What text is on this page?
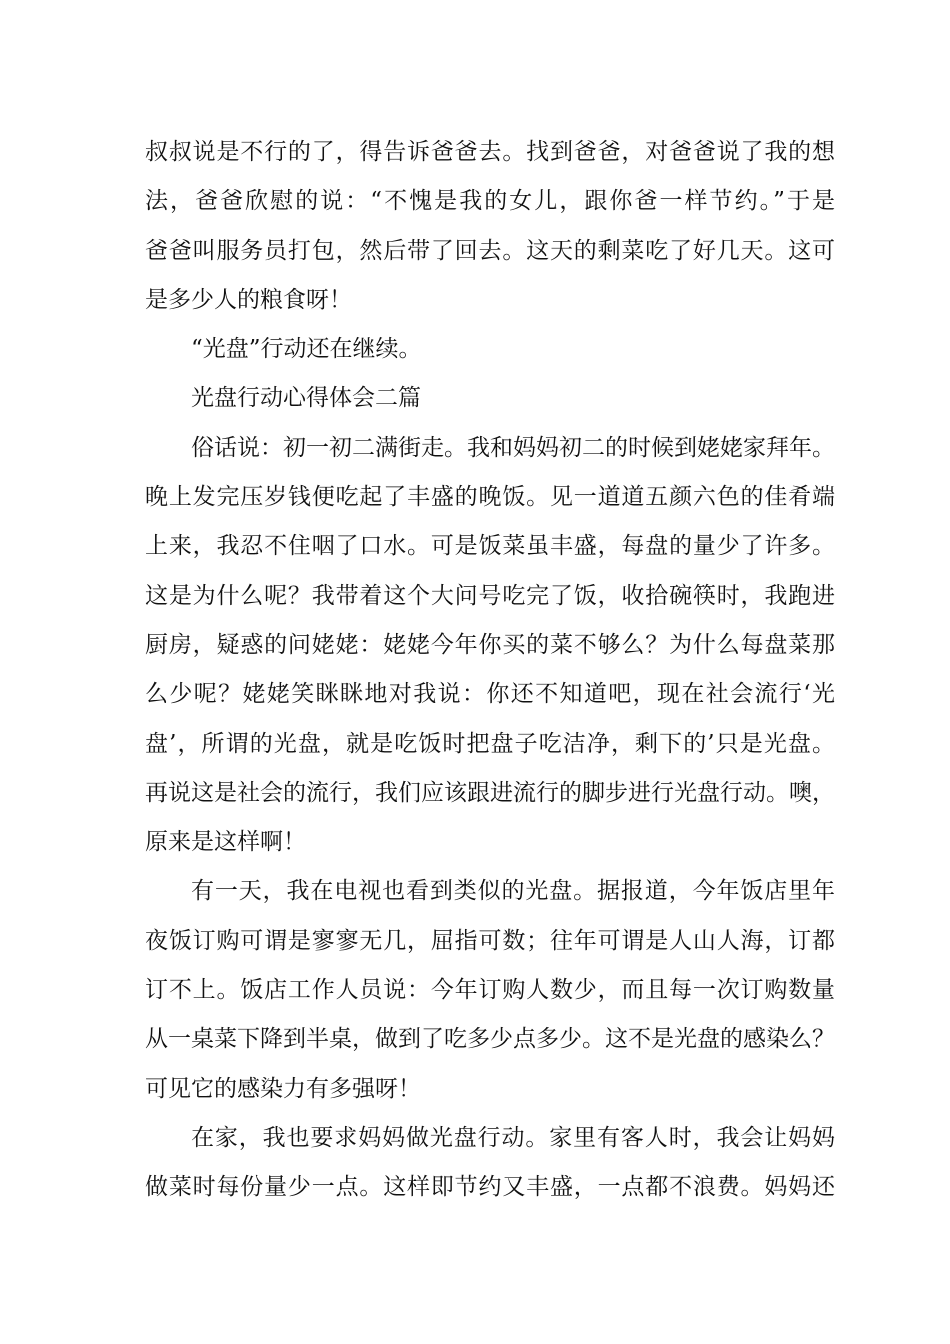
叔叔说是不行的了，得告诉爸爸去。找到爸爸，对爸爸说了我的想
法，爸爸欣慰的说：“不愧是我的女儿，跟你爸一样节约。”于是
爸爸叫服务员打包，然后带了回去。这天的剩菜吃了好几天。这可
是多少人的粮食呀！
“光盘”行动还在继续。
光盘行动心得体会二篇
俗话说：初一初二满街走。我和妈妈初二的时候到姥姥家拜年。
晚上发完压岁钱便吃起了丰盛的晚饭。见一道道五颜六色的佳肴端
上来，我忍不住咽了口水。可是饭菜虽丰盛，每盘的量少了许多。
这是为什么呢？我带着这个大问号吃完了饭，收拾碗筷时，我跑进
厨房，疑惑的问姥姥：姥姥今年你买的菜不够么？为什么每盘菜那
么少呢？姥姥笑眯眯地对我说：你还不知道吧，现在社会流行‘光
盘’，所谓的光盘，就是吃饭时把盘子吃洁净，剩下的’只是光盘。
再说这是社会的流行，我们应该跟进流行的脚步进行光盘行动。噢，
原来是这样啊！
有一天，我在电视也看到类似的光盘。据报道，今年饭店里年
夜饭订购可谓是寥寥无几，屈指可数；往年可谓是人山人海，订都
订不上。饭店工作人员说：今年订购人数少，而且每一次订购数量
从一桌菜下降到半桌，做到了吃多少点多少。这不是光盘的感染么？
可见它的感染力有多强呀！
在家，我也要求妈妈做光盘行动。家里有客人时，我会让妈妈
做菜时每份量少一点。这样即节约又丰盛，一点都不浪费。妈妈还
